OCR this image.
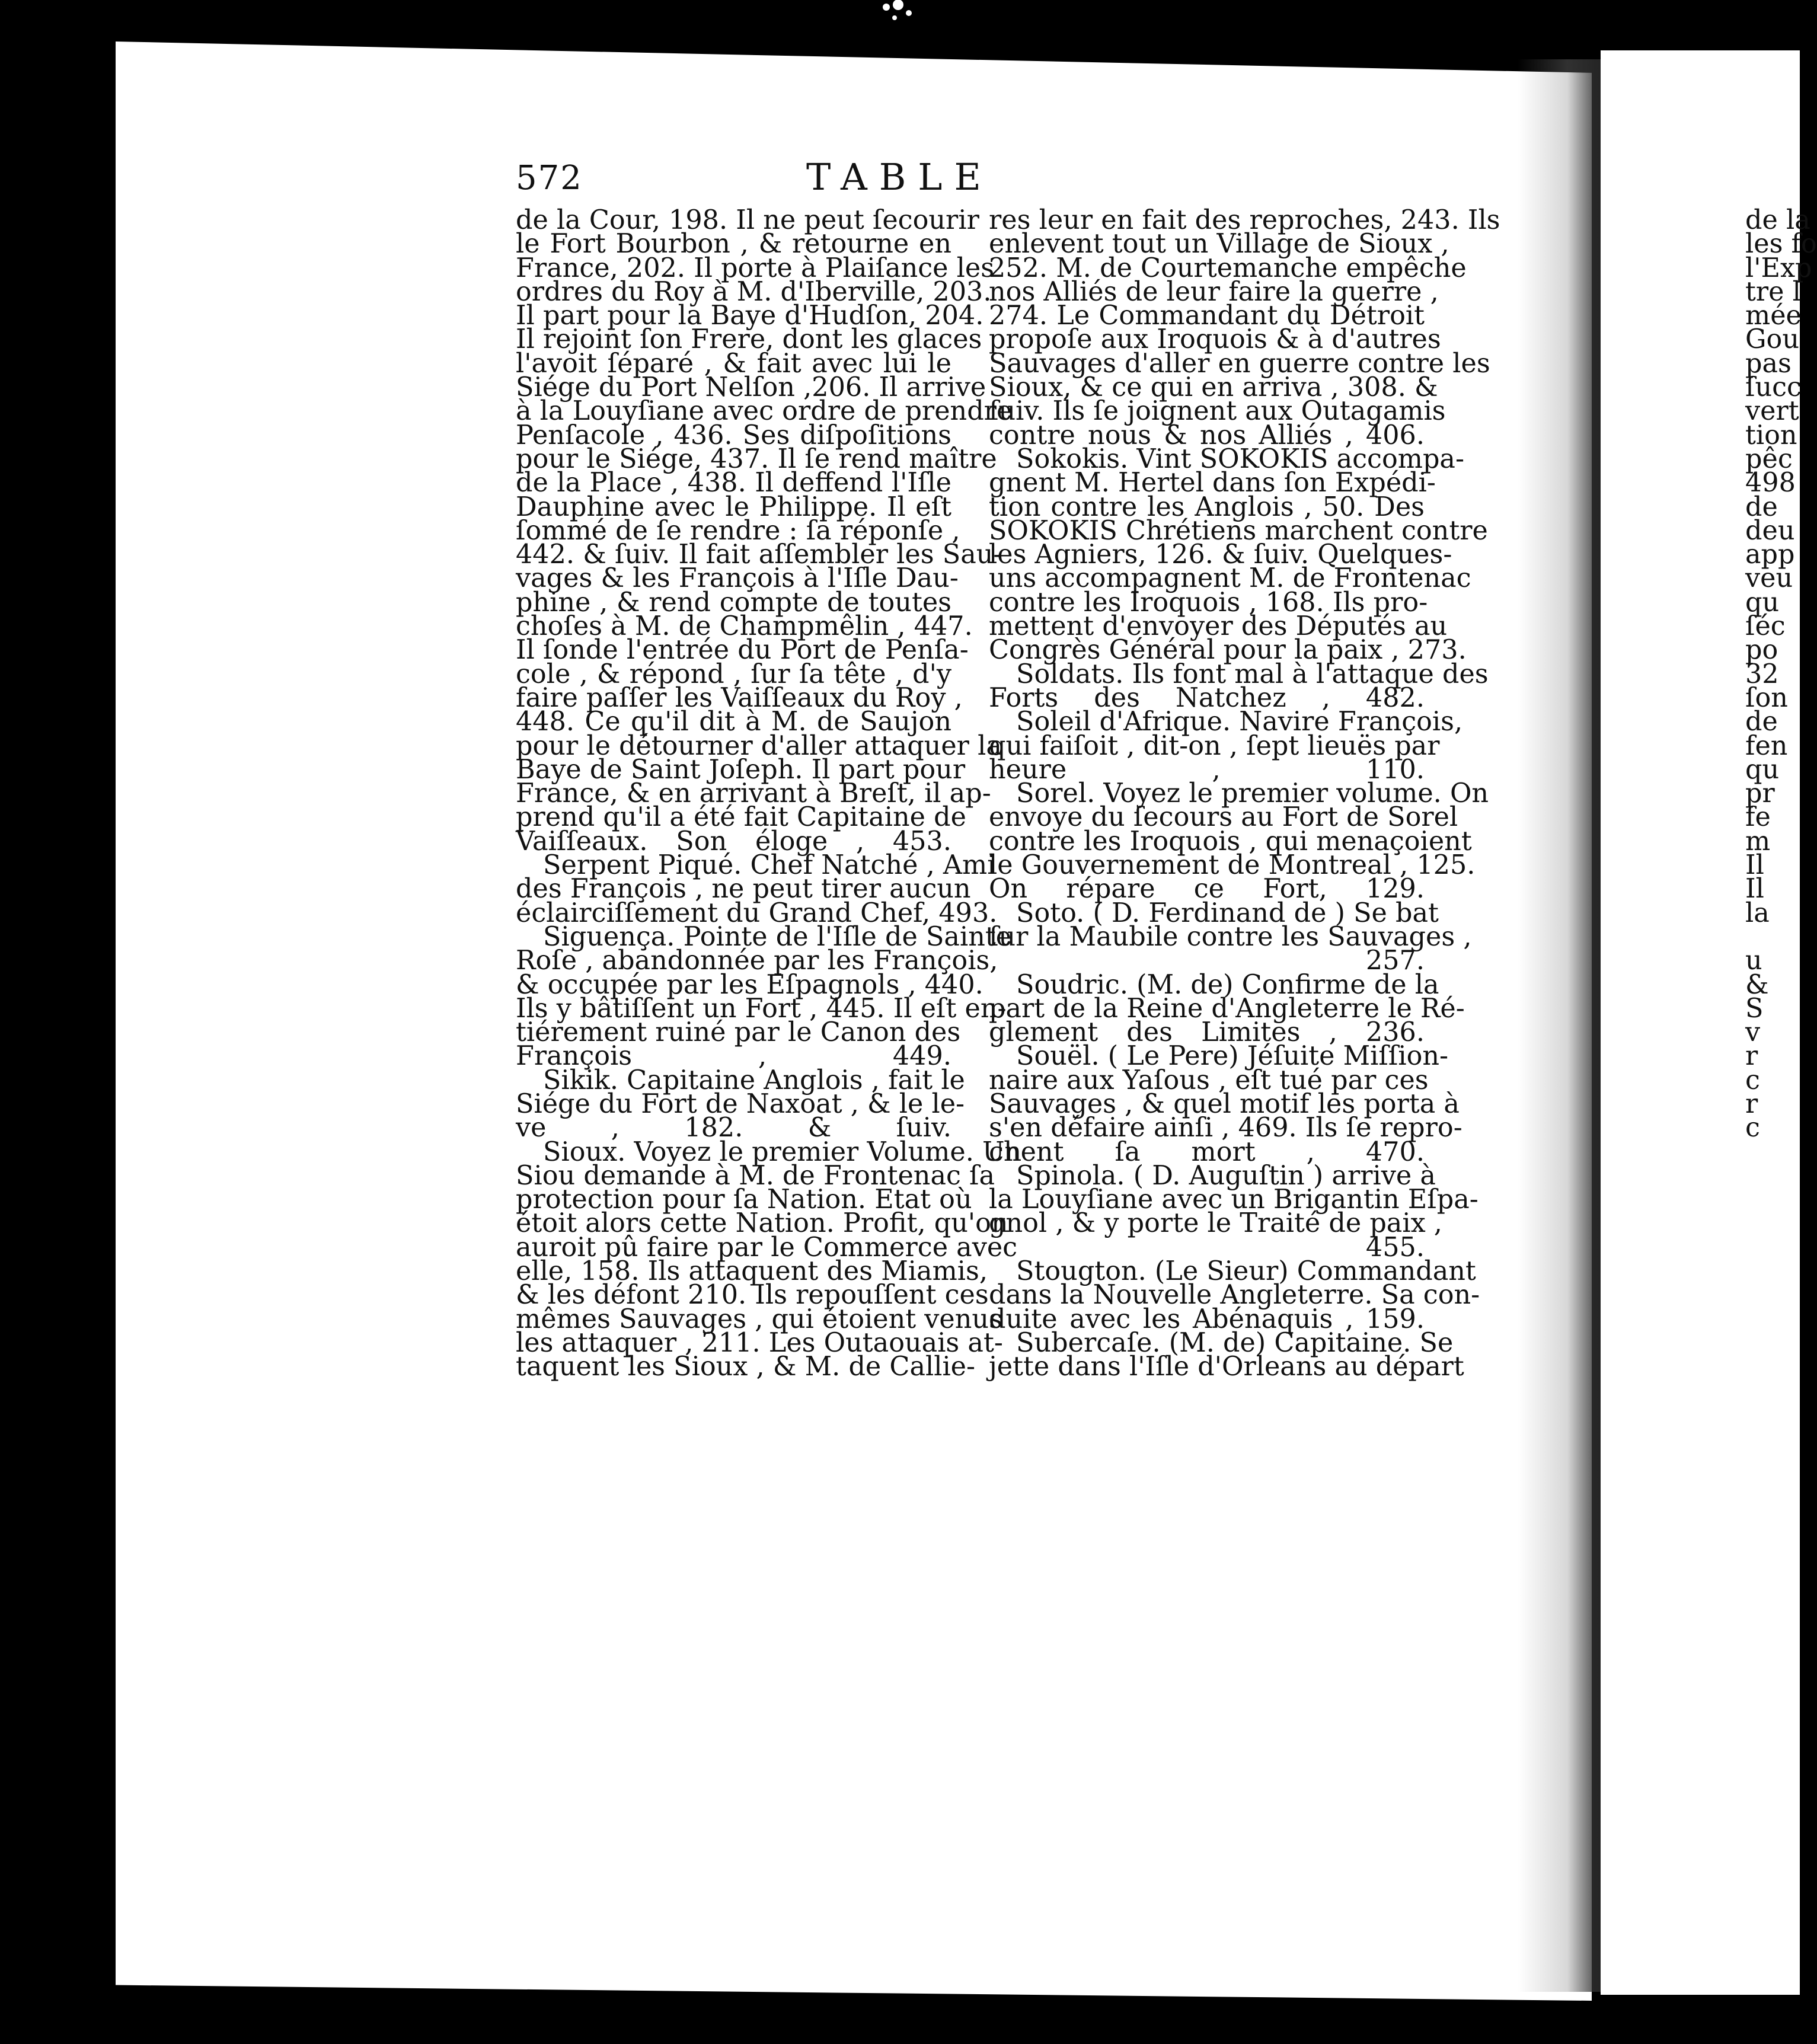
572	TABLE
de la Cour, 198. Il ne peut ſecourir
le Fort Bourbon , & retourne en
France, 202. Il porte à Plaiſance les
ordres du Roy à M. d'Iberville, 203.
Il part pour la Baye d'Hudſon, 204.
Il rejoint ſon Frere, dont les glaces
l'avoit ſéparé , & fait avec lui le
Siége du Port Nelſon ,206. Il arrive
à la Louyſiane avec ordre de prendre
Penſacole , 436. Ses diſpoſitions
pour le Siége, 437. Il ſe rend maître
de la Place , 438. Il deffend l'Iſle
Dauphine avec le Philippe. Il eſt
ſommé de ſe rendre : ſa réponſe ,
442. & ſuiv. Il fait aſſembler les Sau-
vages & les François à l'Iſle Dau-
phine , & rend compte de toutes
choſes à M. de Champmêlin , 447.
Il ſonde l'entrée du Port de Penſa-
cole , & répond , ſur ſa tête , d'y
faire paſſer les Vaiſſeaux du Roy ,
448. Ce qu'il dit à M. de Saujon
pour le détourner d'aller attaquer la
Baye de Saint Joſeph. Il part pour
France, & en arrivant à Breſt, il ap-
prend qu'il a été fait Capitaine de
Vaiſſeaux. Son éloge , 453.
Serpent Piqué. Chef Natché , Ami
des François , ne peut tirer aucun
éclairciſſement du Grand Chef, 493.
Siguença. Pointe de l'Iſle de Sainte
Roſe , abandonnée par les François,
& occupée par les Eſpagnols , 440.
Ils y bâtiſſent un Fort , 445. Il eſt en-
tiérement ruiné par le Canon des
François , 449.
Sikik. Capitaine Anglois , fait le
Siége du Fort de Naxoat , & le le-
ve , 182. & ſuiv.
Sioux. Voyez le premier Volume. Un
Siou demande à M. de Frontenac ſa
protection pour ſa Nation. Etat où
étoit alors cette Nation. Profit, qu'on
auroit pû faire par le Commerce avec
elle, 158. Ils attaquent des Miamis,
& les défont 210. Ils repouſſent ces
mêmes Sauvages , qui étoient venus
les attaquer , 211. Les Outaouais at-
taquent les Sioux , & M. de Callie-
res leur en fait des reproches, 243. Ils
enlevent tout un Village de Sioux ,
252. M. de Courtemanche empêche
nos Alliés de leur faire la guerre ,
274. Le Commandant du Détroit
propoſe aux Iroquois & à d'autres
Sauvages d'aller en guerre contre les
Sioux, & ce qui en arriva , 308. &
ſuiv. Ils ſe joignent aux Outagamis
contre nous & nos Alliés , 406.
Sokokis. Vint SOKOKIS accompa-
gnent M. Hertel dans ſon Expédi-
tion contre les Anglois , 50. Des
SOKOKIS Chrétiens marchent contre
les Agniers, 126. & ſuiv. Quelques-
uns accompagnent M. de Frontenac
contre les Iroquois , 168. Ils pro-
mettent d'envoyer des Députés au
Congrès Général pour la paix , 273.
Soldats. Ils font mal à l'attaque des
Forts des Natchez , 482.
Soleil d'Afrique. Navire François,
qui faiſoit , dit-on , ſept lieuës par
heure , 110.
Sorel. Voyez le premier volume. On
envoye du ſecours au Fort de Sorel
contre les Iroquois , qui menaçoient
le Gouvernement de Montreal , 125.
On répare ce Fort, 129.
Soto. ( D. Ferdinand de ) Se bat
ſur la Maubile contre les Sauvages ,
257.
Soudric. (M. de) Confirme de la
part de la Reine d'Angleterre le Ré-
glement des Limites , 236.
Souël. ( Le Pere) Jéſuite Miſſion-
naire aux Yaſous , eſt tué par ces
Sauvages , & quel motif les porta à
s'en défaire ainſi , 469. Ils ſe repro-
chent ſa mort , 470.
Spinola. ( D. Auguſtin ) arrive à
la Louyſiane avec un Brigantin Eſpa-
gnol , & y porte le Traité de paix ,
455.
Stougton. (Le Sieur) Commandant
dans la Nouvelle Angleterre. Sa con-
duite avec les Abénaquis , 159.
Subercaſe. (M. de) Capitaine. Se
jette dans l'Iſle d'Orleans au départ
de la
les fo
l'Exp
tre l
mée
Gou
pas
ſucc
vert
tion
pêc
498
de
deu
app
veu
qu
ſéc
po
32
ſon
de
fen
qu
pr
fe
m
Il
Il
la
u
&
S
v
r
c
r
c
